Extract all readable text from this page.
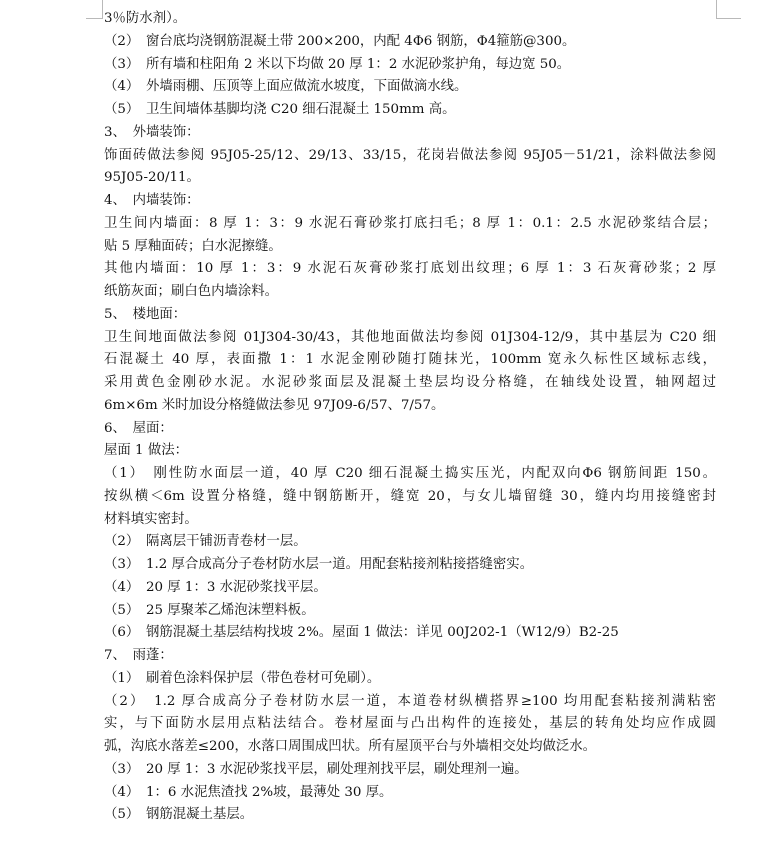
3％防水剂）。
（2）　窗台底均浇钢筋混凝土带 200×200，内配 4Φ6 钢筋，Φ4箍筋@300。
（3）　所有墙和柱阳角 2 米以下均做 20 厚 1：2 水泥砂浆护角，每边宽 50。
（4）　外墙雨棚、压顶等上面应做流水坡度，下面做滴水线。
（5）　卫生间墙体基脚均浇 C20 细石混凝土 150mm 高。
3、　外墙装饰：
饰面砖做法参阅 95J05-25/12、29/13、33/15，花岗岩做法参阅 95J05－51/21，涂料做法参阅
95J05-20/11。
4、　内墙装饰：
卫生间内墙面：8 厚 1：3：9 水泥石膏砂浆打底扫毛；8 厚 1：0.1：2.5 水泥砂浆结合层；
贴 5 厚釉面砖；白水泥擦缝。
其他内墙面：10 厚 1：3：9 水泥石灰膏砂浆打底划出纹理；6 厚 1：3 石灰膏砂浆；2 厚
纸筋灰面；刷白色内墙涂料。
5、　楼地面：
卫生间地面做法参阅 01J304-30/43，其他地面做法均参阅 01J304-12/9，其中基层为 C20 细
石混凝土 40 厚，表面撒 1：1 水泥金刚砂随打随抹光，100mm 宽永久标性区域标志线，
采用黄色金刚砂水泥。水泥砂浆面层及混凝土垫层均设分格缝，在轴线处设置，轴网超过
6m×6m 米时加设分格缝做法参见 97J09-6/57、7/57。
6、　屋面：
屋面 1 做法：
（1）　刚性防水面层一道，40 厚 C20 细石混凝土捣实压光，内配双向Φ6 钢筋间距 150。
按纵横＜6m 设置分格缝，缝中钢筋断开，缝宽 20，与女儿墙留缝 30，缝内均用接缝密封
材料填实密封。
（2）　隔离层干铺沥青卷材一层。
（3）　1.2 厚合成高分子卷材防水层一道。用配套粘接剂粘接搭缝密实。
（4）　20 厚 1：3 水泥砂浆找平层。
（5）　25 厚聚苯乙烯泡沫塑料板。
（6）　钢筋混凝土基层结构找坡 2%。屋面 1 做法：详见 00J202-1（W12/9）B2-25
7、　雨蓬：
（1）　刷着色涂料保护层（带色卷材可免刷）。
（2）　1.2 厚合成高分子卷材防水层一道，本道卷材纵横搭界≥100 均用配套粘接剂满粘密
实，与下面防水层用点粘法结合。卷材屋面与凸出构件的连接处，基层的转角处均应作成圆
弧，沟底水落差≤200，水落口周围成凹状。所有屋顶平台与外墙相交处均做泛水。
（3）　20 厚 1：3 水泥砂浆找平层，刷处理剂找平层，刷处理剂一遍。
（4）　1：6 水泥焦渣找 2%坡，最薄处 30 厚。
（5）　钢筋混凝土基层。
